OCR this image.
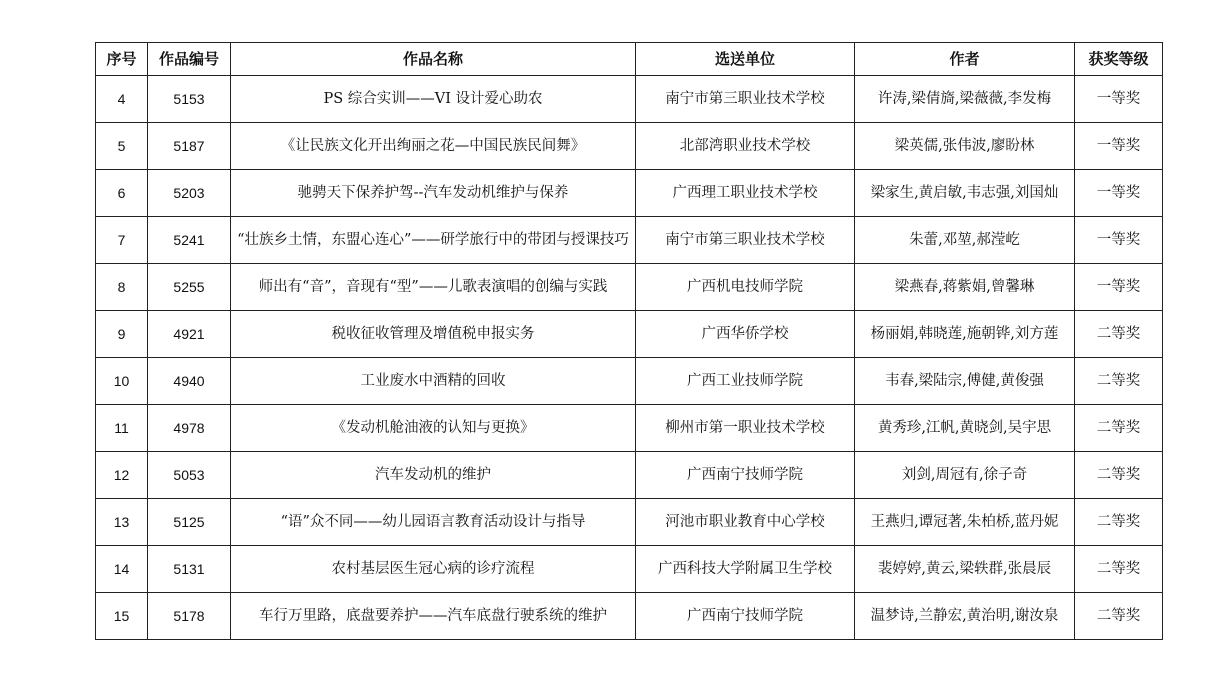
序号	作品编号	作品名称	选送单位	作者	获奖等级
4	5153	PS 综合实训——VI 设计爱心助农	南宁市第三职业技术学校	许涛,梁倩旖,梁薇薇,李发梅	一等奖
5	5187	《让民族文化开出绚丽之花—中国民族民间舞》	北部湾职业技术学校	梁英儒,张伟波,廖盼林	一等奖
6	5203	驰骋天下保养护驾--汽车发动机维护与保养	广西理工职业技术学校	梁家生,黄启敏,韦志强,刘国灿	一等奖
7	5241	“壮族乡土情，东盟心连心”——研学旅行中的带团与授课技巧	南宁市第三职业技术学校	朱蕾,邓堃,郝滢屹	一等奖
8	5255	师出有“音”，音现有“型”——儿歌表演唱的创编与实践	广西机电技师学院	梁燕春,蒋紫娟,曾馨琳	一等奖
9	4921	税收征收管理及增值税申报实务	广西华侨学校	杨丽娟,韩晓莲,施朝铧,刘方莲	二等奖
10	4940	工业废水中酒精的回收	广西工业技师学院	韦春,梁陆宗,傅健,黄俊强	二等奖
11	4978	《发动机舱油液的认知与更换》	柳州市第一职业技术学校	黄秀珍,江帆,黄晓剑,吴宇思	二等奖
12	5053	汽车发动机的维护	广西南宁技师学院	刘剑,周冠有,徐子奇	二等奖
13	5125	“语”众不同——幼儿园语言教育活动设计与指导	河池市职业教育中心学校	王燕归,谭冠著,朱柏桥,蓝丹妮	二等奖
14	5131	农村基层医生冠心病的诊疗流程	广西科技大学附属卫生学校	裴婷婷,黄云,梁轶群,张晨辰	二等奖
15	5178	车行万里路，底盘要养护——汽车底盘行驶系统的维护	广西南宁技师学院	温梦诗,兰静宏,黄治明,谢汝泉	二等奖
